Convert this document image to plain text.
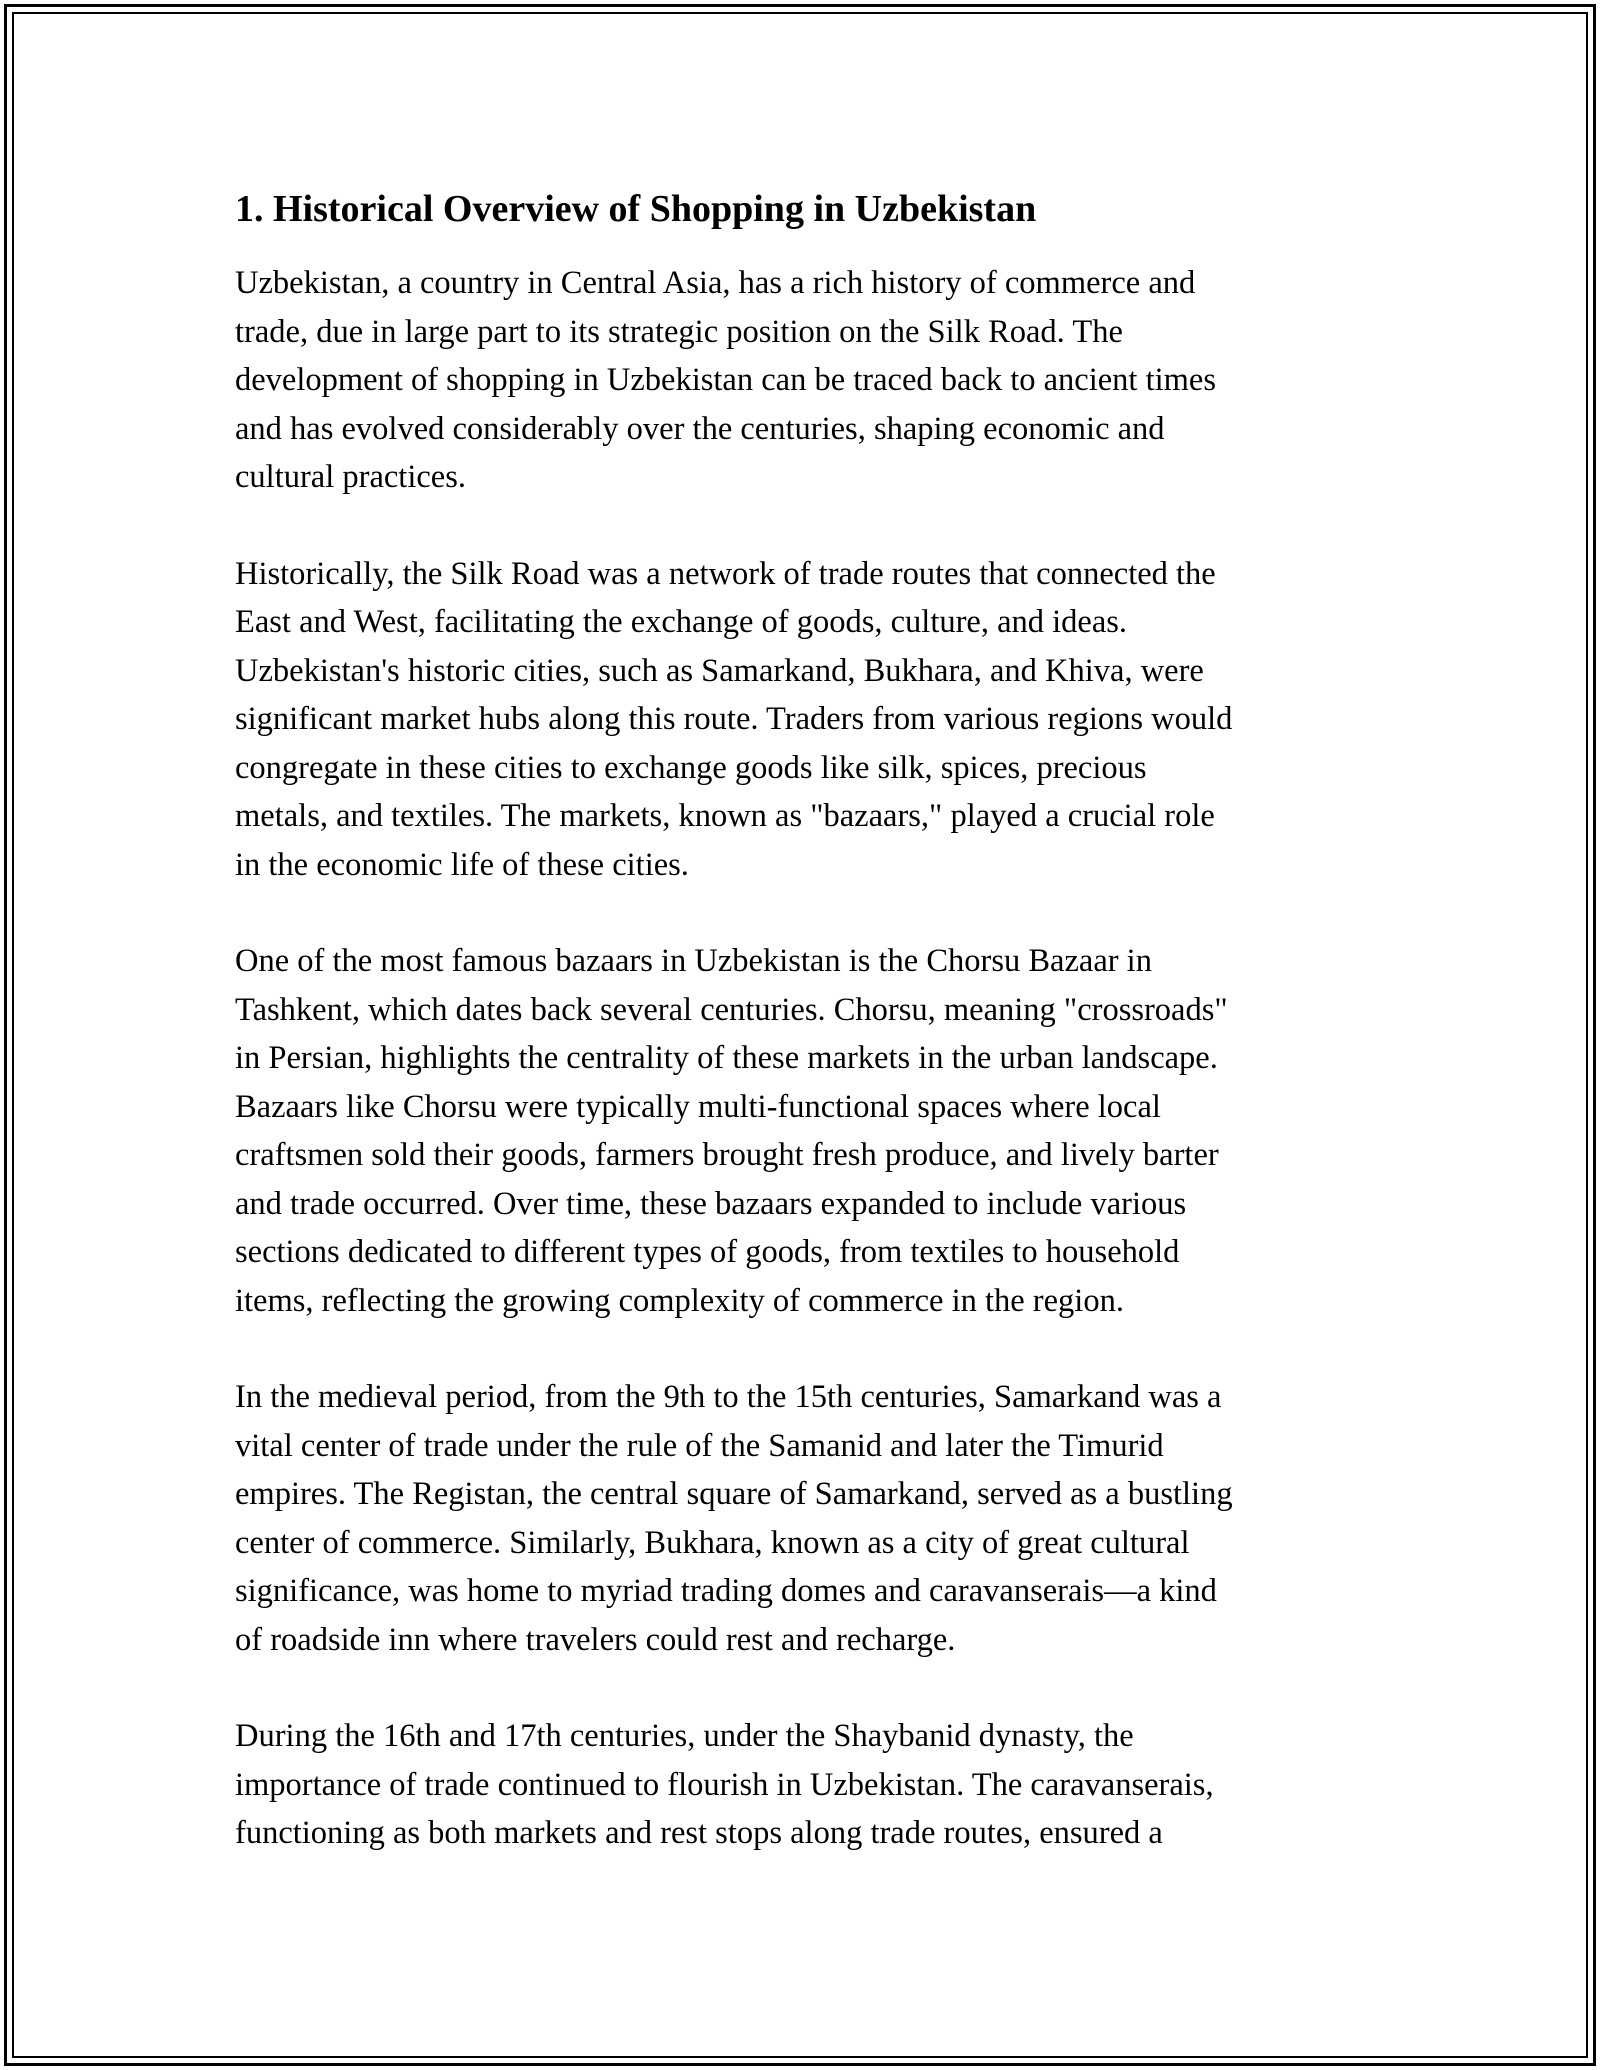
1. Historical Overview of Shopping in Uzbekistan

Uzbekistan, a country in Central Asia, has a rich history of commerce and
trade, due in large part to its strategic position on the Silk Road. The
development of shopping in Uzbekistan can be traced back to ancient times
and has evolved considerably over the centuries, shaping economic and
cultural practices.

Historically, the Silk Road was a network of trade routes that connected the
East and West, facilitating the exchange of goods, culture, and ideas.
Uzbekistan's historic cities, such as Samarkand, Bukhara, and Khiva, were
significant market hubs along this route. Traders from various regions would
congregate in these cities to exchange goods like silk, spices, precious
metals, and textiles. The markets, known as "bazaars," played a crucial role
in the economic life of these cities.

One of the most famous bazaars in Uzbekistan is the Chorsu Bazaar in
Tashkent, which dates back several centuries. Chorsu, meaning "crossroads"
in Persian, highlights the centrality of these markets in the urban landscape.
Bazaars like Chorsu were typically multi-functional spaces where local
craftsmen sold their goods, farmers brought fresh produce, and lively barter
and trade occurred. Over time, these bazaars expanded to include various
sections dedicated to different types of goods, from textiles to household
items, reflecting the growing complexity of commerce in the region.

In the medieval period, from the 9th to the 15th centuries, Samarkand was a
vital center of trade under the rule of the Samanid and later the Timurid
empires. The Registan, the central square of Samarkand, served as a bustling
center of commerce. Similarly, Bukhara, known as a city of great cultural
significance, was home to myriad trading domes and caravanserais—a kind
of roadside inn where travelers could rest and recharge.

During the 16th and 17th centuries, under the Shaybanid dynasty, the
importance of trade continued to flourish in Uzbekistan. The caravanserais,
functioning as both markets and rest stops along trade routes, ensured a
